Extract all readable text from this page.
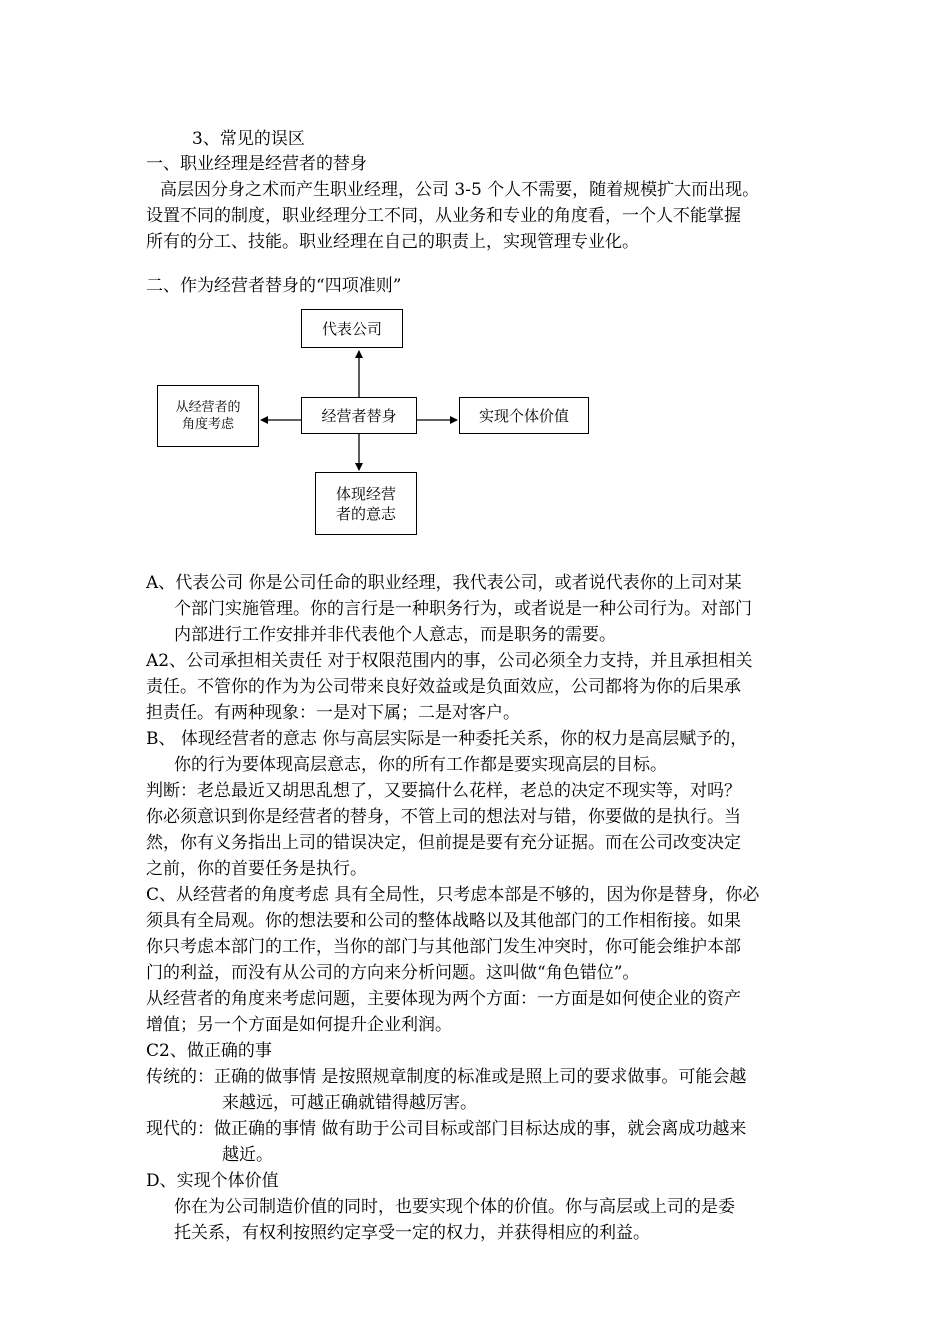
3、常见的误区
一、职业经理是经营者的替身
高层因分身之术而产生职业经理，公司 3-5 个人不需要，随着规模扩大而出现。
设置不同的制度，职业经理分工不同，从业务和专业的角度看，一个人不能掌握
所有的分工、技能。职业经理在自己的职责上，实现管理专业化。
二、作为经营者替身的“四项准则”
代表公司
经营者替身	实现个体价值
从经营者的
角度考虑
体现经营
者的意志
A、代表公司 你是公司任命的职业经理，我代表公司，或者说代表你的上司对某
个部门实施管理。你的言行是一种职务行为，或者说是一种公司行为。对部门
内部进行工作安排并非代表他个人意志，而是职务的需要。
A2、公司承担相关责任 对于权限范围内的事，公司必须全力支持，并且承担相关
责任。不管你的作为为公司带来良好效益或是负面效应，公司都将为你的后果承
担责任。有两种现象：一是对下属；二是对客户。
B、 体现经营者的意志 你与高层实际是一种委托关系，你的权力是高层赋予的，
你的行为要体现高层意志，你的所有工作都是要实现高层的目标。
判断：老总最近又胡思乱想了，又要搞什么花样，老总的决定不现实等，对吗？
你必须意识到你是经营者的替身，不管上司的想法对与错，你要做的是执行。当
然，你有义务指出上司的错误决定，但前提是要有充分证据。而在公司改变决定
之前，你的首要任务是执行。
C、从经营者的角度考虑 具有全局性，只考虑本部是不够的，因为你是替身，你必
须具有全局观。你的想法要和公司的整体战略以及其他部门的工作相衔接。如果
你只考虑本部门的工作，当你的部门与其他部门发生冲突时，你可能会维护本部
门的利益，而没有从公司的方向来分析问题。这叫做“角色错位”。
从经营者的角度来考虑问题，主要体现为两个方面：一方面是如何使企业的资产
增值；另一个方面是如何提升企业利润。
C2、做正确的事
传统的：正确的做事情 是按照规章制度的标准或是照上司的要求做事。可能会越
来越远，可越正确就错得越厉害。
现代的：做正确的事情 做有助于公司目标或部门目标达成的事，就会离成功越来
越近。
D、实现个体价值
你在为公司制造价值的同时，也要实现个体的价值。你与高层或上司的是委
托关系，有权利按照约定享受一定的权力，并获得相应的利益。
